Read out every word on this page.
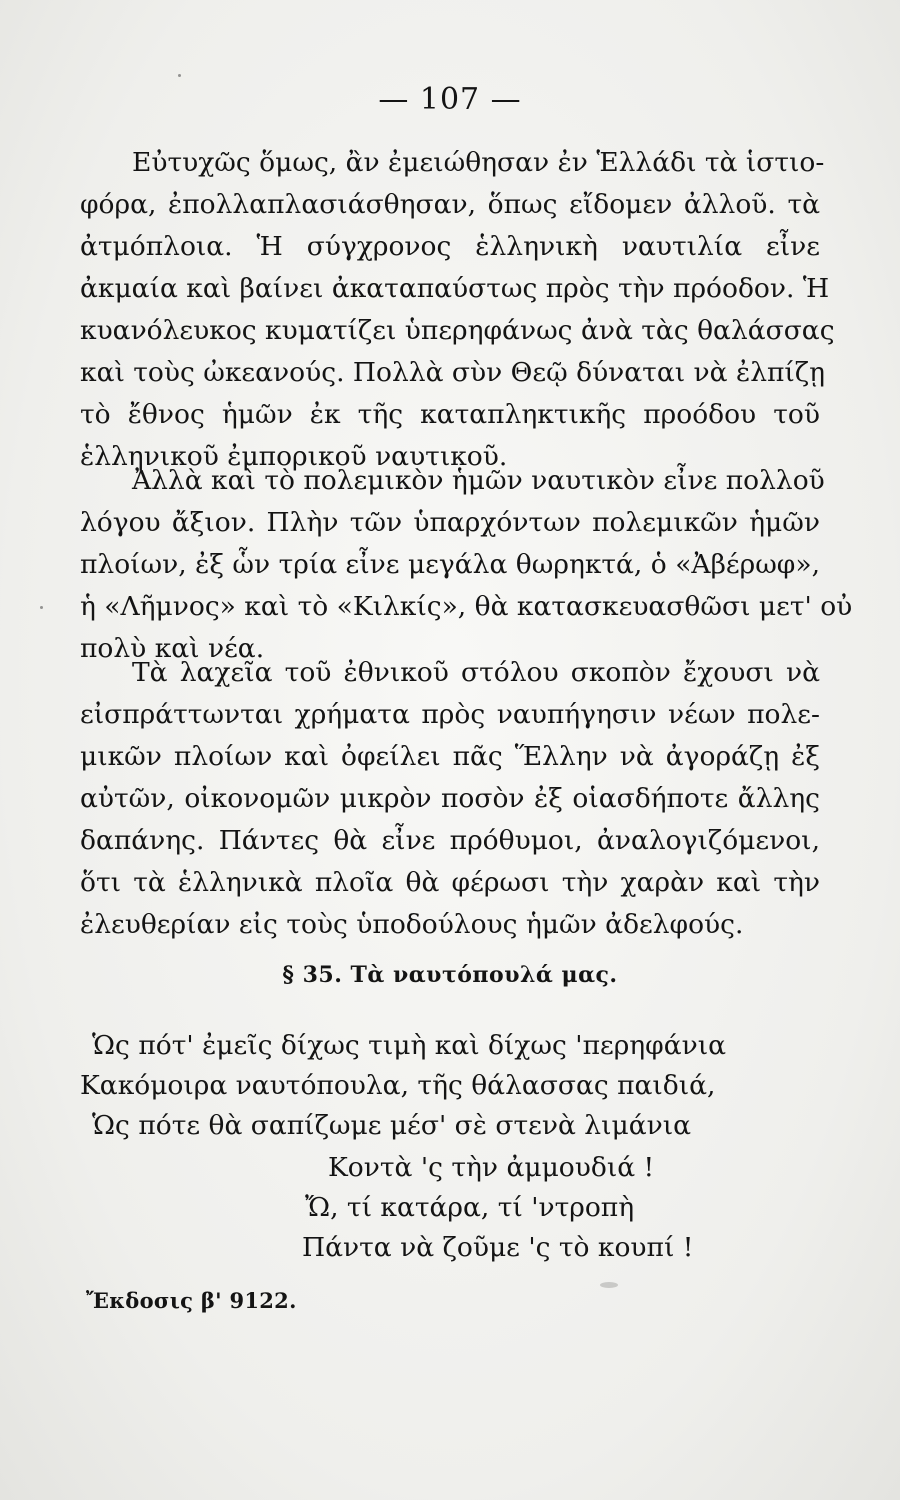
— 107 —
Εὐτυχῶς ὅμως, ἂν ἐμειώθησαν ἐν Ἑλλάδι τὰ ἱστιο-
φόρα, ἐπολλαπλασιάσθησαν, ὅπως εἴδομεν ἀλλοῦ. τὰ
ἀτμόπλοια. Ἡ σύγχρονος ἑλληνικὴ ναυτιλία εἶνε
ἀκμαία καὶ βαίνει ἀκαταπαύστως πρὸς τὴν πρόοδον. Ἡ
κυανόλευκος κυματίζει ὑπερηφάνως ἀνὰ τὰς θαλάσσας
καὶ τοὺς ὠκεανούς. Πολλὰ σὺν Θεῷ δύναται νὰ ἐλπίζῃ
τὸ ἔθνος ἡμῶν ἐκ τῆς καταπληκτικῆς προόδου τοῦ
ἑλληνικοῦ ἐμπορικοῦ ναυτικοῦ.
Ἀλλὰ καὶ τὸ πολεμικὸν ἡμῶν ναυτικὸν εἶνε πολλοῦ
λόγου ἄξιον. Πλὴν τῶν ὑπαρχόντων πολεμικῶν ἡμῶν
πλοίων, ἐξ ὧν τρία εἶνε μεγάλα θωρηκτά, ὁ «Ἀβέρωφ»,
ἡ «Λῆμνος» καὶ τὸ «Κιλκίς», θὰ κατασκευασθῶσι μετ' οὐ
πολὺ καὶ νέα.
Τὰ λαχεῖα τοῦ ἐθνικοῦ στόλου σκοπὸν ἔχουσι νὰ
εἰσπράττωνται χρήματα πρὸς ναυπήγησιν νέων πολε-
μικῶν πλοίων καὶ ὀφείλει πᾶς Ἕλλην νὰ ἀγοράζῃ ἐξ
αὐτῶν, οἰκονομῶν μικρὸν ποσὸν ἐξ οἱασδήποτε ἄλλης
δαπάνης. Πάντες θὰ εἶνε πρόθυμοι, ἀναλογιζόμενοι,
ὅτι τὰ ἑλληνικὰ πλοῖα θὰ φέρωσι τὴν χαρὰν καὶ τὴν
ἐλευθερίαν εἰς τοὺς ὑποδούλους ἡμῶν ἀδελφούς.
§ 35. Τὰ ναυτόπουλά μας.
Ὡς πότ' ἐμεῖς δίχως τιμὴ καὶ δίχως 'περηφάνια
Κακόμοιρα ναυτόπουλα, τῆς θάλασσας παιδιά,
Ὡς πότε θὰ σαπίζωμε μέσ' σὲ στενὰ λιμάνια
Κοντὰ 'ς τὴν ἀμμουδιά !
Ὤ, τί κατάρα, τί 'ντροπὴ
Πάντα νὰ ζοῦμε 'ς τὸ κουπί !
Ἔκδοσις β' 9122.
